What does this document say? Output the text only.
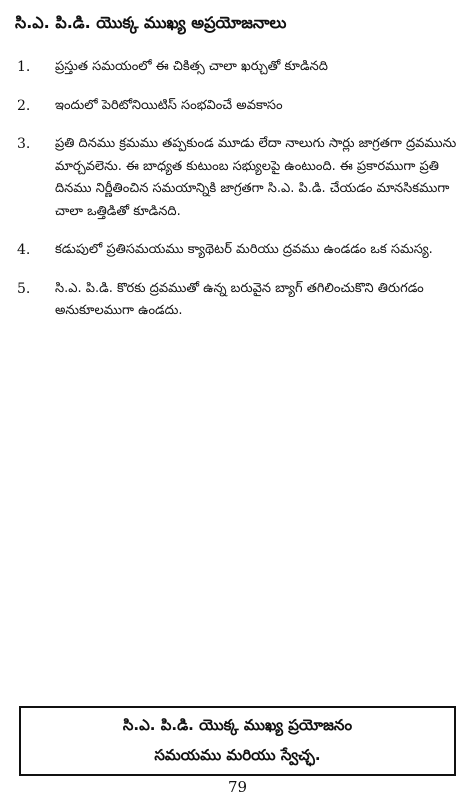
సి.ఎ. పి.డి. యొక్క ముఖ్య అప్రయోజనాలు
1. ప్రస్తుత సమయంలో ఈ చికిత్స చాలా ఖర్చుతో కూడినది
2. ఇందులో పెరిటోనియిటిస్ సంభవించే అవకాసం
3. ప్రతి దినము క్రమము తప్పకుండ మూడు లేదా నాలుగు సార్లు జాగ్రతగా ద్రవమును మార్చవలెను. ఈ బాధ్యత కుటుంబ సభ్యులపై ఉంటుంది. ఈ ప్రకారముగా ప్రతి దినము నిర్ణీతించిన సమయాన్నికి జాగ్రతగా సి.ఎ. పి.డి. చేయడం మానసికముగా చాలా ఒత్తిడితో కూడినది.
4. కడుపులో ప్రతిసమయము క్యాథెటర్ మరియు ద్రవము ఉండడం ఒక సమస్య.
5. సి.ఎ. పి.డి. కొరకు ద్రవముతో ఉన్న బరువైన బ్యాగ్ తగిలించుకొని తిరుగడం అనుకూలముగా ఉండదు.
సి.ఎ. పి.డి. యొక్క ముఖ్య ప్రయోజనం
సమయము మరియు స్వేచ్ఛ.
79
